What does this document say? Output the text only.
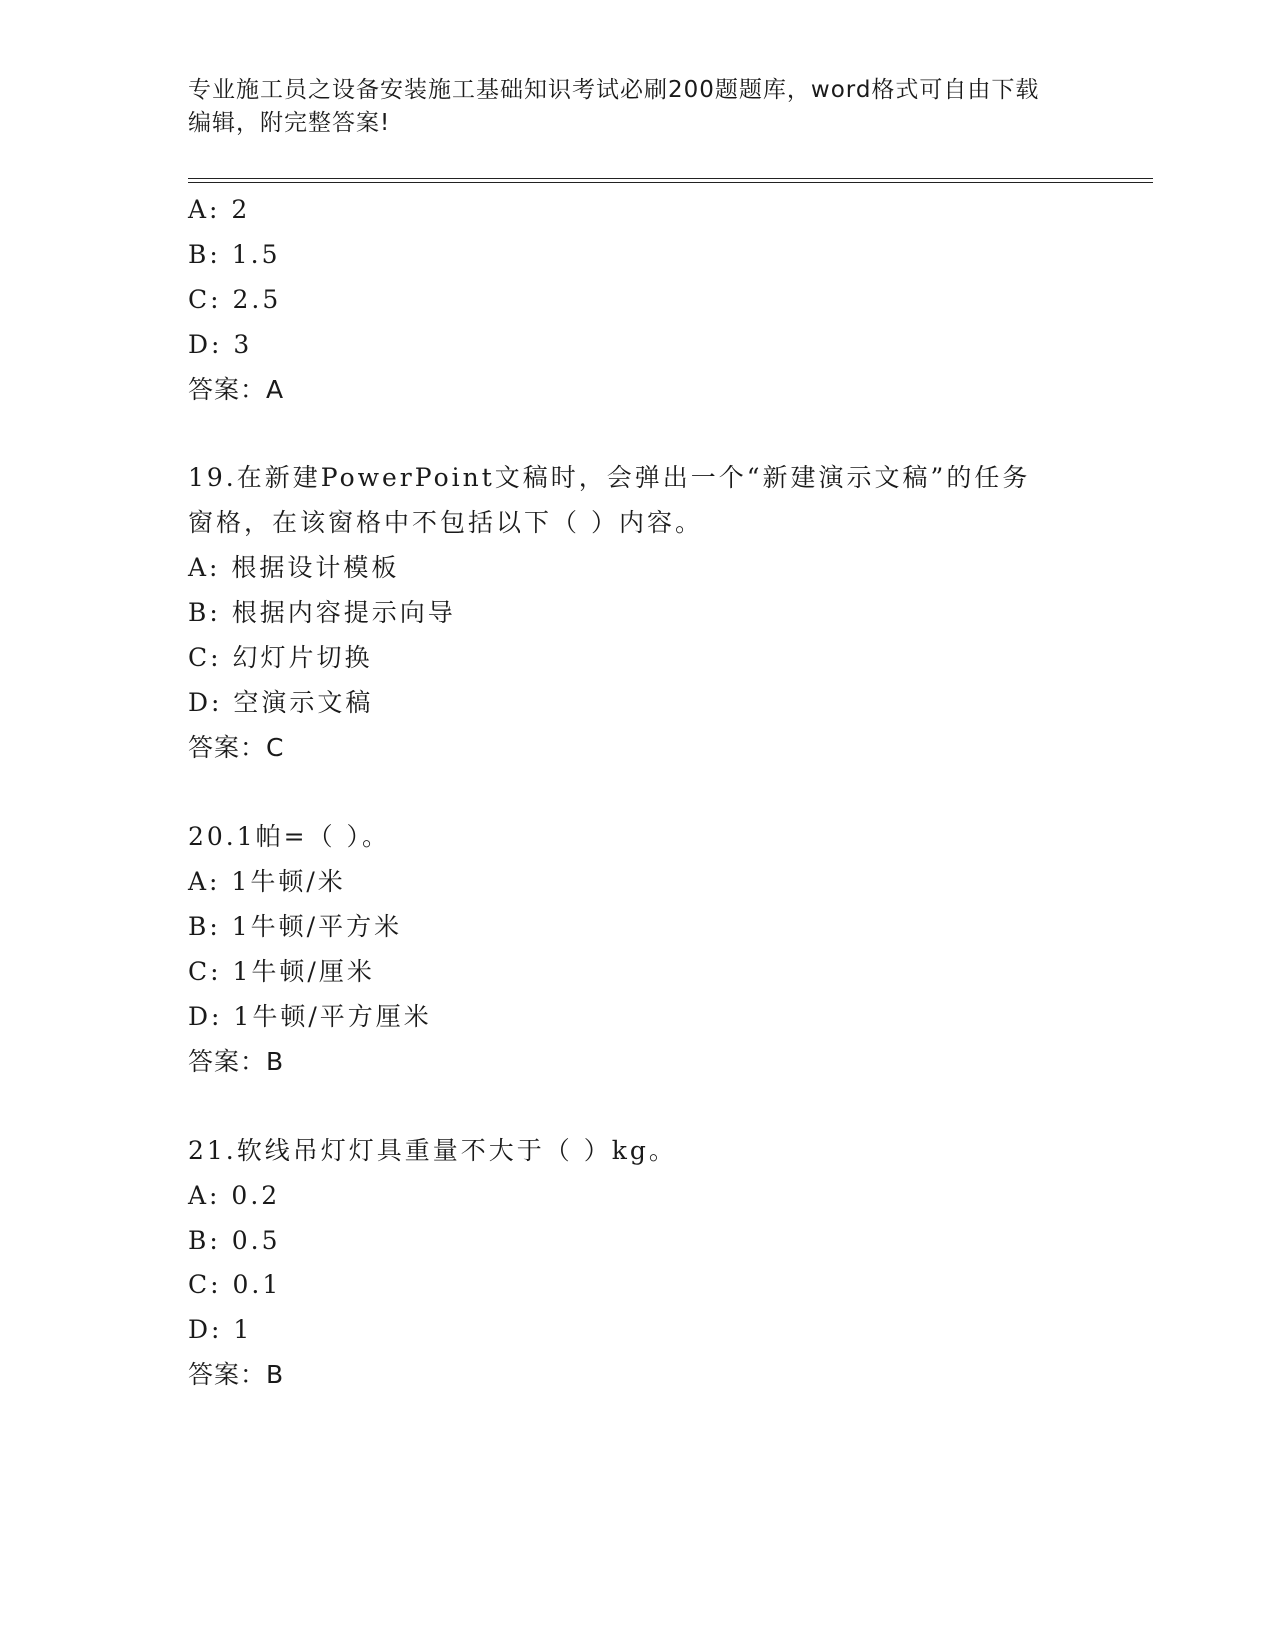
专业施工员之设备安装施工基础知识考试必刷200题题库，word格式可自由下载
编辑，附完整答案!
A: 2
B: 1.5
C: 2.5
D: 3
答案：A
19.在新建PowerPoint文稿时，会弹出一个“新建演示文稿”的任务
窗格，在该窗格中不包括以下（ ）内容。
A: 根据设计模板
B: 根据内容提示向导
C: 幻灯片切换
D: 空演示文稿
答案：C
20.1帕=（ ）。
A: 1牛顿/米
B: 1牛顿/平方米
C: 1牛顿/厘米
D: 1牛顿/平方厘米
答案：B
21.软线吊灯灯具重量不大于（ ）kg。
A: 0.2
B: 0.5
C: 0.1
D: 1
答案：B
